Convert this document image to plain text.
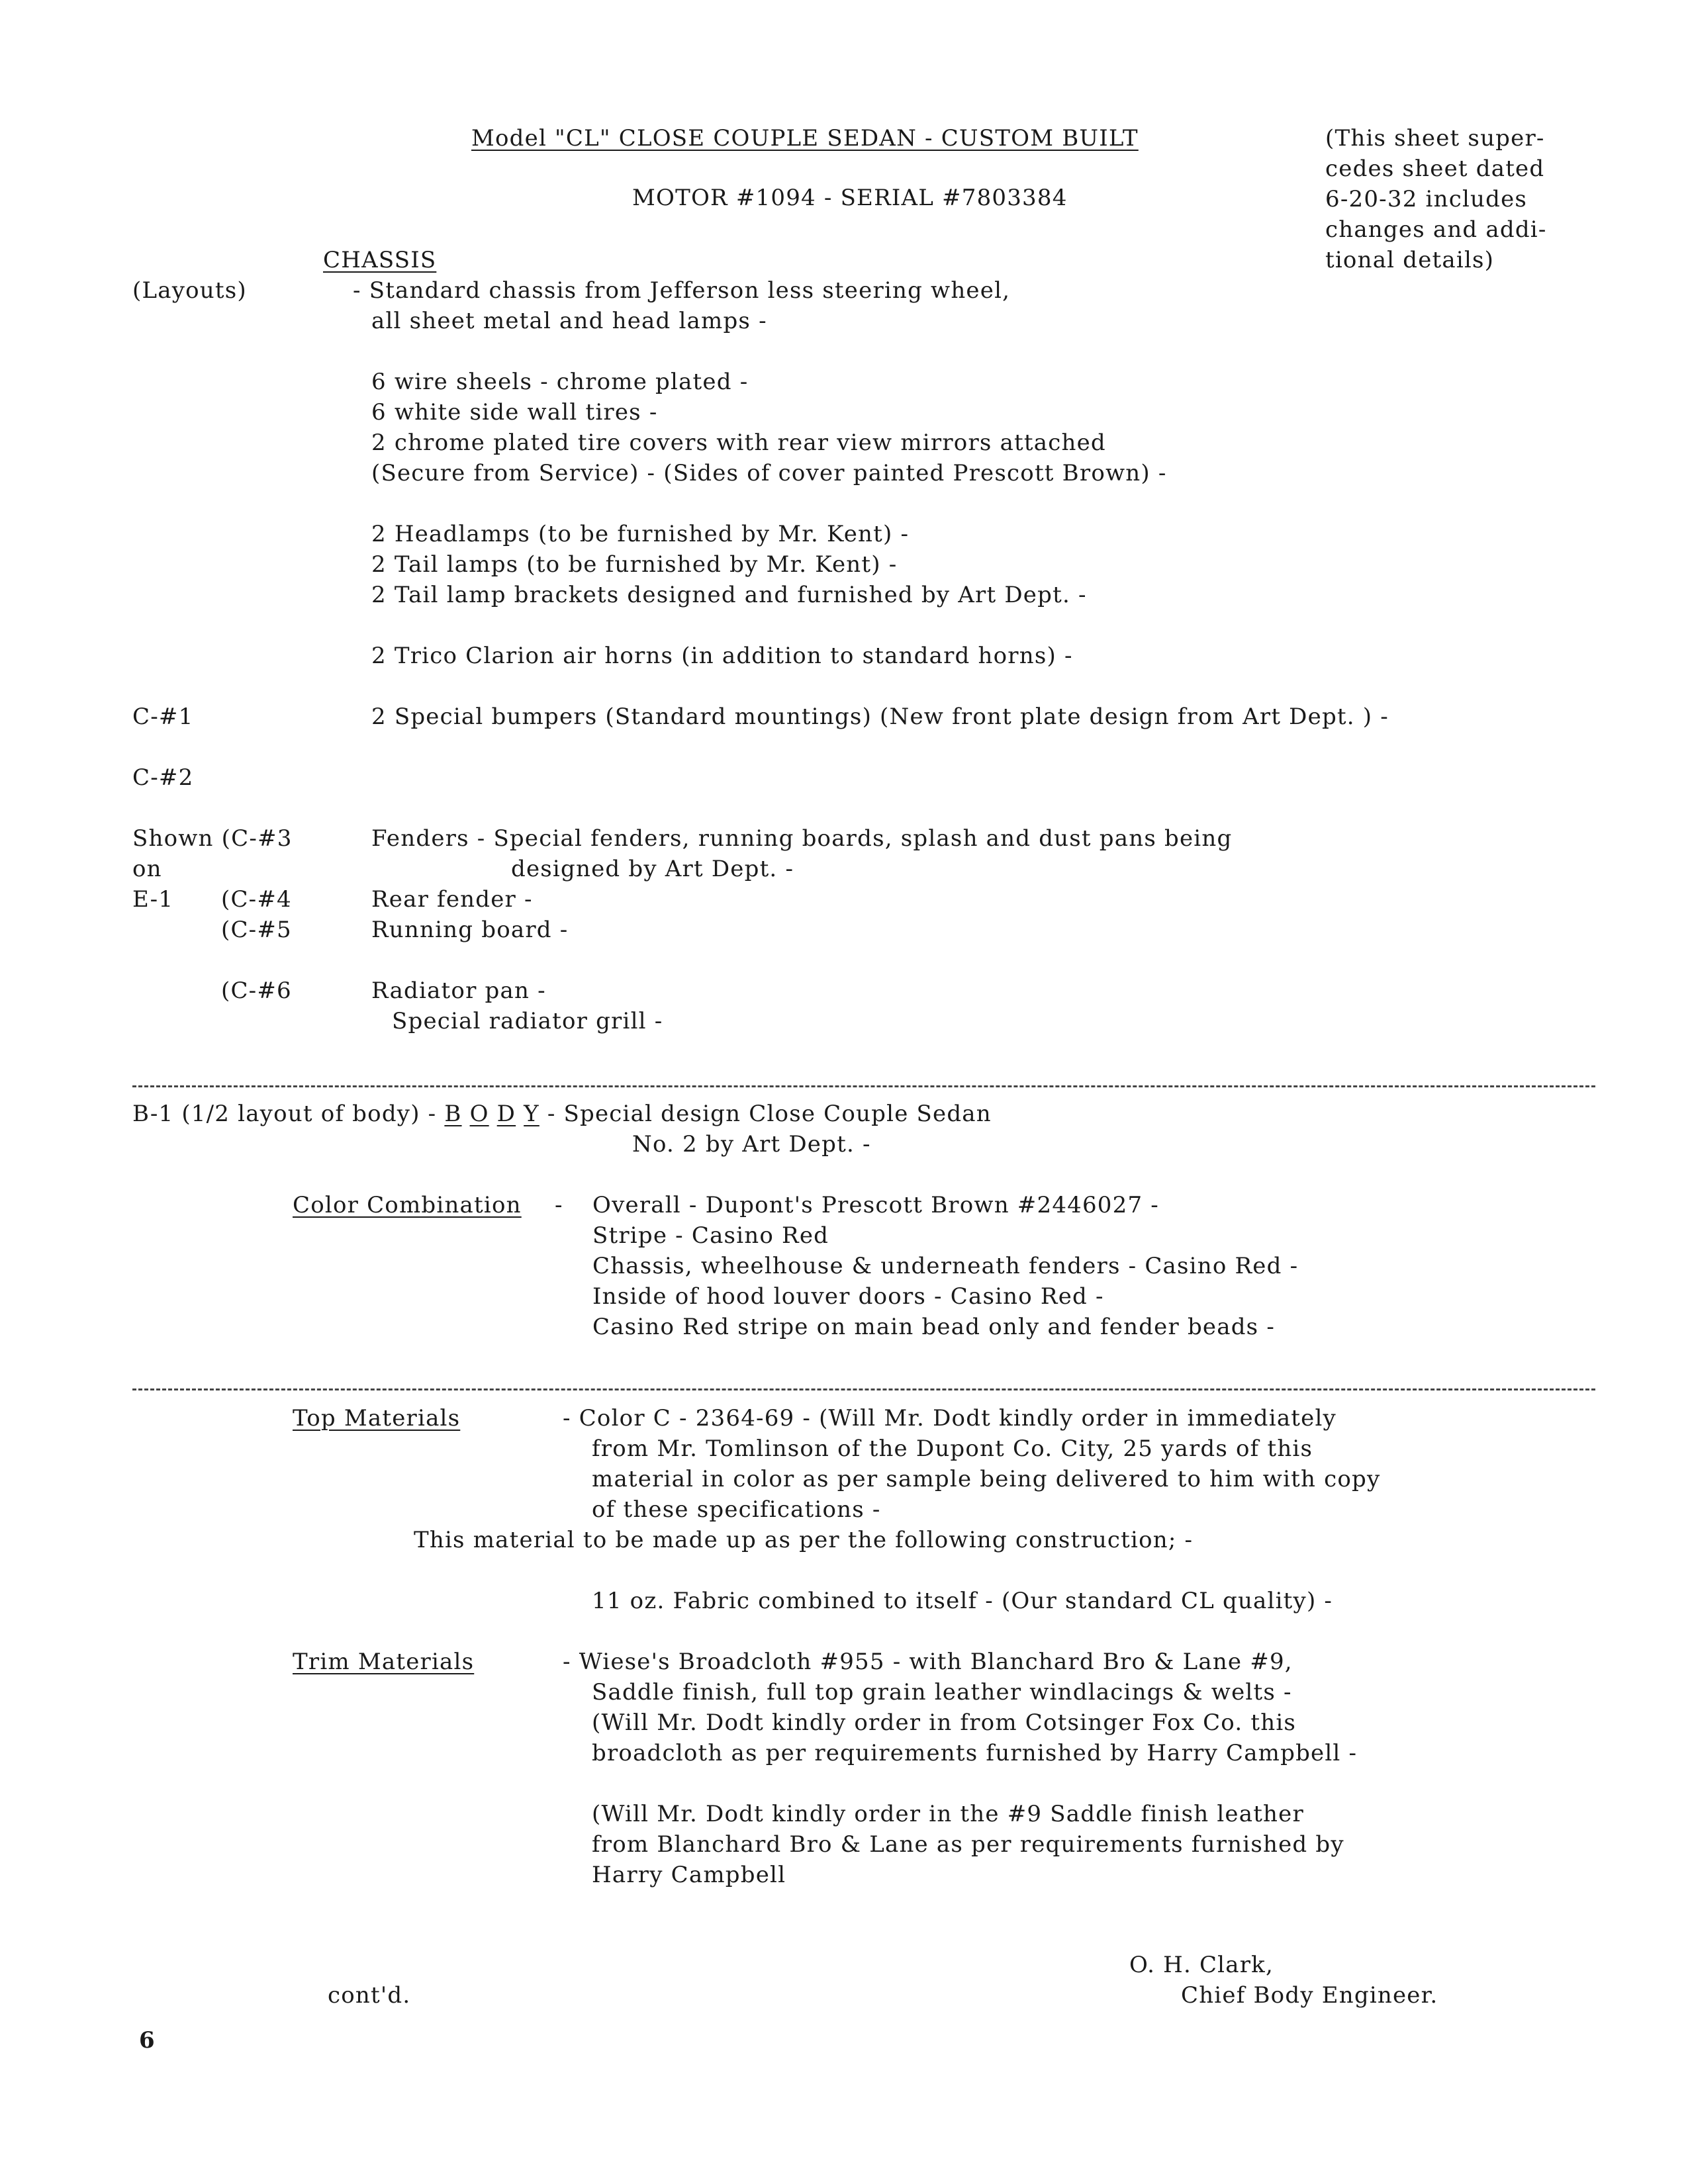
Model "CL" CLOSE COUPLE SEDAN - CUSTOM BUILT
MOTOR #1094 - SERIAL #7803384
(This sheet super-
cedes sheet dated
6-20-32 includes
changes and addi-
tional details)
CHASSIS
(Layouts)	- Standard chassis from Jefferson less steering wheel,
all sheet metal and head lamps -
6 wire sheels - chrome plated -
6 white side wall tires -
2 chrome plated tire covers with rear view mirrors attached
(Secure from Service) - (Sides of cover painted Prescott Brown) -
2 Headlamps (to be furnished by Mr. Kent) -
2 Tail lamps (to be furnished by Mr. Kent) -
2 Tail lamp brackets designed and furnished by Art Dept. -
2 Trico Clarion air horns (in addition to standard horns) -
C-#1	2 Special bumpers (Standard mountings) (New front plate design from Art Dept. ) -
C-#2
Shown (C-#3	Fenders - Special fenders, running boards, splash and dust pans being
on	designed by Art Dept. -
E-1 (C-#4	Rear fender -
(C-#5	Running board -
(C-#6	Radiator pan -
Special radiator grill -
B-1 (1/2 layout of body) - B O D Y - Special design Close Couple Sedan
No. 2 by Art Dept. -
Color Combination - Overall - Dupont's Prescott Brown #2446027 -
Stripe - Casino Red
Chassis, wheelhouse & underneath fenders - Casino Red -
Inside of hood louver doors - Casino Red -
Casino Red stripe on main bead only and fender beads -
Top Materials	- Color C - 2364-69 - (Will Mr. Dodt kindly order in immediately
from Mr. Tomlinson of the Dupont Co. City, 25 yards of this
material in color as per sample being delivered to him with copy
of these specifications -
This material to be made up as per the following construction; -
11 oz. Fabric combined to itself - (Our standard CL quality) -
Trim Materials	- Wiese's Broadcloth #955 - with Blanchard Bro & Lane #9,
Saddle finish, full top grain leather windlacings & welts -
(Will Mr. Dodt kindly order in from Cotsinger Fox Co. this
broadcloth as per requirements furnished by Harry Campbell -
(Will Mr. Dodt kindly order in the #9 Saddle finish leather
from Blanchard Bro & Lane as per requirements furnished by
Harry Campbell
O. H. Clark,
cont'd.	Chief Body Engineer.
6
